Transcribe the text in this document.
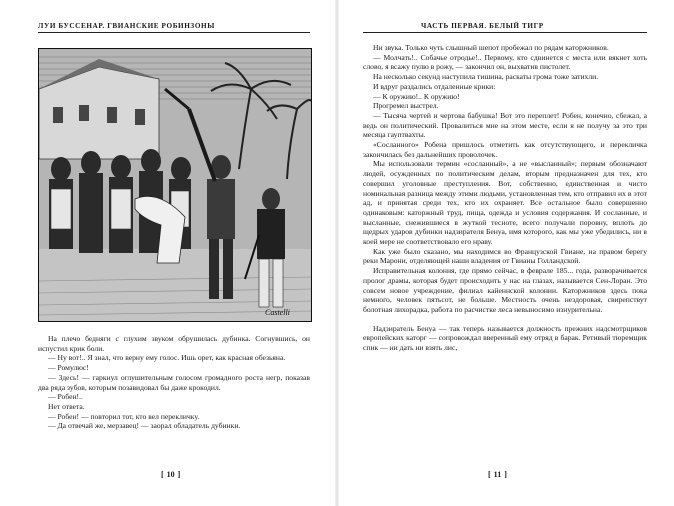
ЛУИ БУССЕНАР. ГВИАНСКИЕ РОБИНЗОНЫ
Castelli

На плечо бедняги с глухим звуком обрушилась дубинка. Согнувшись, он испустил крик боли.

— Ну вот!.. Я знал, что верну ему голос. Ишь орет, как красная обезьяна.

— Ромулюс!

— Здесь! — гаркнул оглушительным голосом громадного роста негр, показав два ряда зубов, которым позавидовал бы даже крокодил.

— Робен!..

Нет ответа.

— Робен! — повторил тот, кто вел перекличку.

— Да отвечай же, мерзавец! — заорал обладатель дубинки.

[ 10 ]
ЧАСТЬ ПЕРВАЯ. БЕЛЫЙ ТИГР

Ни звука. Только чуть слышный шепот пробежал по рядам каторжников.

— Молчать!.. Собачье отродье!.. Первому, кто сдвинется с места или вякнет хоть слово, я всажу пулю в рожу, — закончил он, выхватив пистолет.

На несколько секунд наступила тишина, раскаты грома тоже затихли.

И вдруг раздались отдаленные крики:

— К оружию!.. К оружию!

Прогремел выстрел.

— Тысяча чертей и чертова бабушка! Вот это переплет! Робен, конечно, сбежал, а ведь он политический. Провалиться мне на этом месте, если я не получу за это три месяца гауптвахты.

«Сосланного» Робена пришлось отметить как отсутствующего, и перекличка закончилась без дальнейших проволочек.

Мы использовали термин «сосланный», а не «высланный»; первым обозначают людей, осужденных по политическим делам, вторым предназначен для тех, кто совершил уголовные преступления. Вот, собственно, единственная и чисто номинальная разница между этими людьми, установленная тем, кто отправил их в этот ад, и принятая среди тех, кто их охраняет. Все остальное было совершенно одинаковым: каторжный труд, пища, одежда и условия содержания. И сосланные, и высланные, снежившиеся в жуткой тесноте, всего получали поровну, вплоть до щедрых ударов дубинки надзирателя Бенуа, имя которого, как мы уже убедились, ни в коей мере не соответствовало его нраву.

Как уже было сказано, мы находимся во Французской Гвиане, на правом берегу реки Марони, отделяющей наши владения от Гвианы Голландской.

Исправительная колония, где прямо сейчас, в феврале 185... года, разворачивается пролог драмы, которая будет происходить у нас на глазах, называется Сен-Лоран. Это совсем новое учреждение, филиал кайеннской колонии. Каторжников здесь пока немного, человек пятьсот, не больше. Местность очень нездоровая, свирепствут болотная лихорадка, работа по расчистке леса невыносимо изнурительна.

Надзиратель Бенуа — так теперь называется должность прежних надсмотрщиков европейских каторг — сопровождал вверенный ему отряд в барак. Ретивый тюремщик спик — ни дать ни взять лис,

[ 11 ]
